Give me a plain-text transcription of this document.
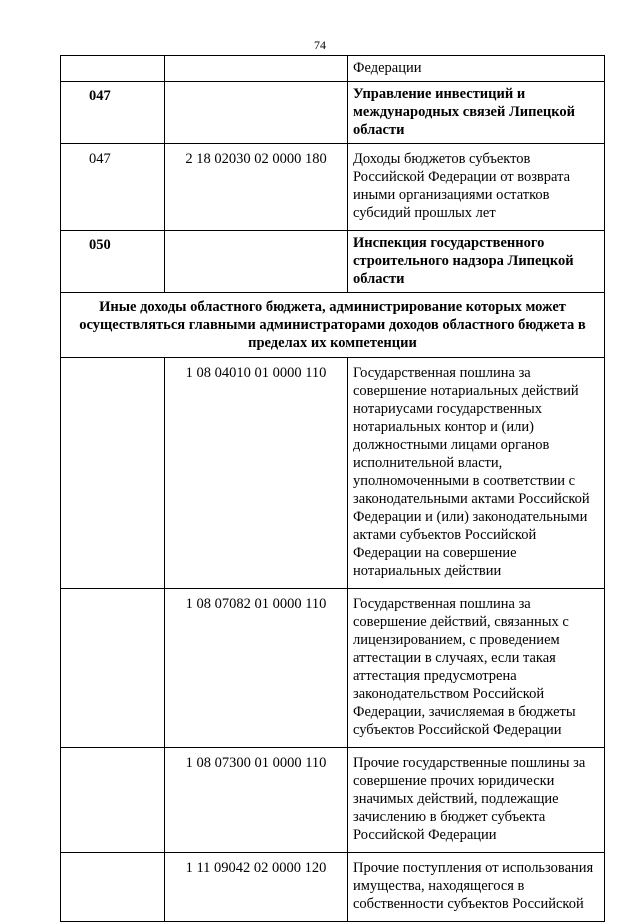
74
		Федерации
047		Управление инвестиций и международных связей Липецкой области
047	2 18 02030 02 0000 180	Доходы бюджетов субъектов Российской Федерации от возврата иными организациями остатков субсидий прошлых лет
050		Инспекция государственного строительного надзора Липецкой области
Иные доходы областного бюджета, администрирование которых может осуществляться главными администраторами доходов областного бюджета в пределах их компетенции		
	1 08 04010 01 0000 110	Государственная пошлина за совершение нотариальных действий нотариусами государственных нотариальных контор и (или) должностными лицами органов исполнительной власти, уполномоченными в соответствии с законодательными актами Российской Федерации и (или) законодательными актами субъектов Российской Федерации на совершение нотариальных действии
	1 08 07082 01 0000 110	Государственная пошлина за совершение действий, связанных с лицензированием, с проведением аттестации в случаях, если такая аттестация предусмотрена законодательством Российской Федерации, зачисляемая в бюджеты субъектов Российской Федерации
	1 08 07300 01 0000 110	Прочие государственные пошлины за совершение прочих юридически значимых действий, подлежащие зачислению в бюджет субъекта Российской Федерации
	1 11 09042 02 0000 120	Прочие поступления от использования имущества, находящегося в собственности субъектов Российской
